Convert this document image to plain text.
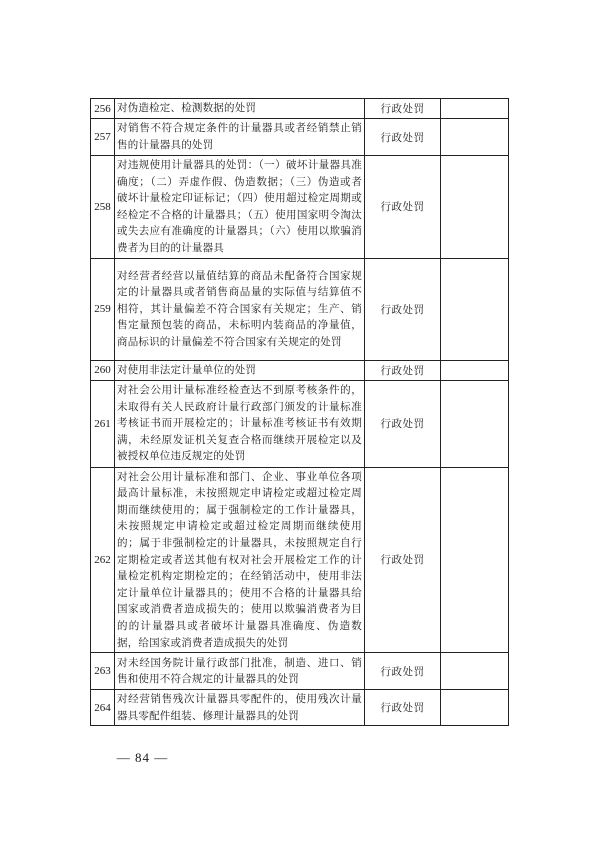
256	对伪造检定、检测数据的处罚	行政处罚	
257	对销售不符合规定条件的计量器具或者经销禁止销售的计量器具的处罚	行政处罚	
258	对违规使用计量器具的处罚：（一）破坏计量器具准确度；（二）弄虚作假、伪造数据；（三）伪造或者破坏计量检定印证标记；（四）使用超过检定周期或经检定不合格的计量器具；（五）使用国家明令淘汰或失去应有准确度的计量器具；（六）使用以欺骗消费者为目的的计量器具	行政处罚	
259	对经营者经营以量值结算的商品未配备符合国家规定的计量器具或者销售商品量的实际值与结算值不相符，其计量偏差不符合国家有关规定；生产、销售定量预包装的商品，未标明内装商品的净量值，商品标识的计量偏差不符合国家有关规定的处罚	行政处罚	
260	对使用非法定计量单位的处罚	行政处罚	
261	对社会公用计量标准经检查达不到原考核条件的，未取得有关人民政府计量行政部门颁发的计量标准考核证书而开展检定的；计量标准考核证书有效期满，未经原发证机关复查合格而继续开展检定以及被授权单位违反规定的处罚	行政处罚	
262	对社会公用计量标准和部门、企业、事业单位各项最高计量标准，未按照规定申请检定或超过检定周期而继续使用的；属于强制检定的工作计量器具，未按照规定申请检定或超过检定周期而继续使用的；属于非强制检定的计量器具，未按照规定自行定期检定或者送其他有权对社会开展检定工作的计量检定机构定期检定的；在经销活动中，使用非法定计量单位计量器具的；使用不合格的计量器具给国家或消费者造成损失的；使用以欺骗消费者为目的的计量器具或者破坏计量器具准确度、伪造数据，给国家或消费者造成损失的处罚	行政处罚	
263	对未经国务院计量行政部门批准，制造、进口、销售和使用不符合规定的计量器具的处罚	行政处罚	
264	对经营销售残次计量器具零配件的，使用残次计量器具零配件组装、修理计量器具的处罚	行政处罚	
— 84 —
